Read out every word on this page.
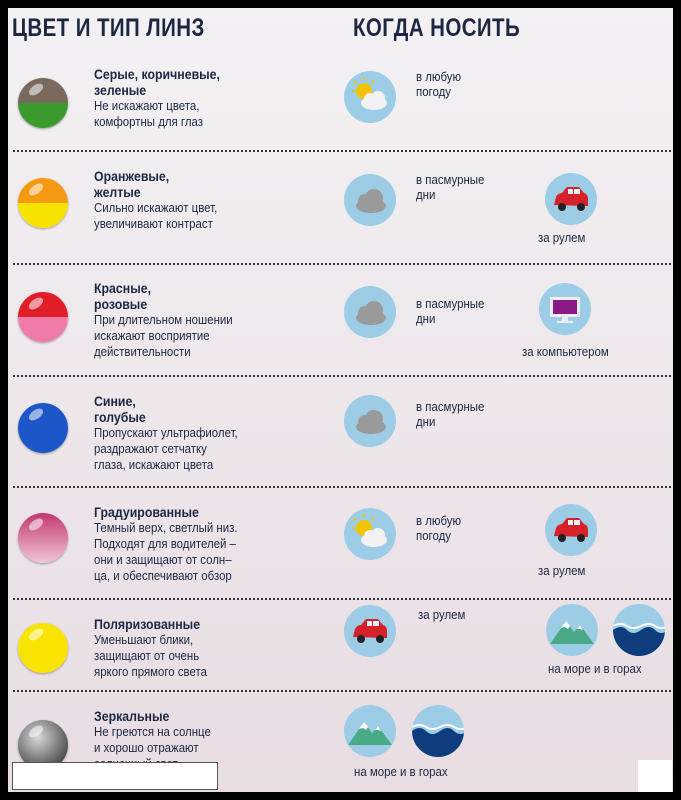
ЦВЕТ И ТИП ЛИНЗ	КОГДА НОСИТЬ
Серые, коричневые,
зеленые
Не искажают цвета,
комфортны для глаз
в любую
погоду
Оранжевые,
желтые
Сильно искажают цвет,
увеличивают контраст
в пасмурные
дни
за рулем
Красные,
розовые
При длительном ношении
искажают восприятие
действительности
в пасмурные
дни
за компьютером
Синие,
голубые
Пропускают ультрафиолет,
раздражают сетчатку
глаза, искажают цвета
в пасмурные
дни
Градуированные
Темный верх, светлый низ.
Подходят для водителей –
они и защищают от солн–
ца, и обеспечивают обзор
в любую
погоду
за рулем
Поляризованные
Уменьшают блики,
защищают от очень
яркого прямого света
за рулем
на море и в горах
Зеркальные
Не греются на солнце
и хорошо отражают
на море и в горах
